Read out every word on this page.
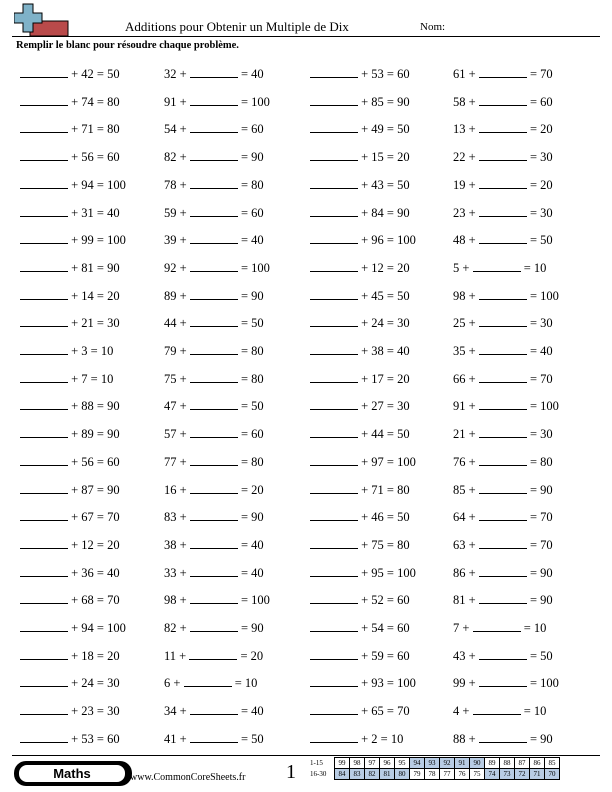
Additions pour Obtenir un Multiple de Dix	Nom:
Remplir le blanc pour résoudre chaque problème.
+ 42 = 50
+ 74 = 80
+ 71 = 80
+ 56 = 60
+ 94 = 100
+ 31 = 40
+ 99 = 100
+ 81 = 90
+ 14 = 20
+ 21 = 30
+ 3 = 10
+ 7 = 10
+ 88 = 90
+ 89 = 90
+ 56 = 60
+ 87 = 90
+ 67 = 70
+ 12 = 20
+ 36 = 40
+ 68 = 70
+ 94 = 100
+ 18 = 20
+ 24 = 30
+ 23 = 30
+ 53 = 60
32 +	= 40
91 +	= 100
54 +	= 60
82 +	= 90
78 +	= 80
59 +	= 60
39 +	= 40
92 +	= 100
89 +	= 90
44 +	= 50
79 +	= 80
75 +	= 80
47 +	= 50
57 +	= 60
77 +	= 80
16 +	= 20
83 +	= 90
38 +	= 40
33 +	= 40
98 +	= 100
82 +	= 90
11 +	= 20
6 +	= 10
34 +	= 40
41 +	= 50
+ 53 = 60
+ 85 = 90
+ 49 = 50
+ 15 = 20
+ 43 = 50
+ 84 = 90
+ 96 = 100
+ 12 = 20
+ 45 = 50
+ 24 = 30
+ 38 = 40
+ 17 = 20
+ 27 = 30
+ 44 = 50
+ 97 = 100
+ 71 = 80
+ 46 = 50
+ 75 = 80
+ 95 = 100
+ 52 = 60
+ 54 = 60
+ 59 = 60
+ 93 = 100
+ 65 = 70
+ 2 = 10
61 +	= 70
58 +	= 60
13 +	= 20
22 +	= 30
19 +	= 20
23 +	= 30
48 +	= 50
5 +	= 10
98 +	= 100
25 +	= 30
35 +	= 40
66 +	= 70
91 +	= 100
21 +	= 30
76 +	= 80
85 +	= 90
64 +	= 70
63 +	= 70
86 +	= 90
81 +	= 90
7 +	= 10
43 +	= 50
99 +	= 100
4 +	= 10
88 +	= 90
Maths	www.CommonCoreSheets.fr 1 1-15	99	98	97	96	95	94	93	92	91	90	89	88	87	86	85
16-30	84	83	82	81	80	79	78	77	76	75	74	73	72	71	70
